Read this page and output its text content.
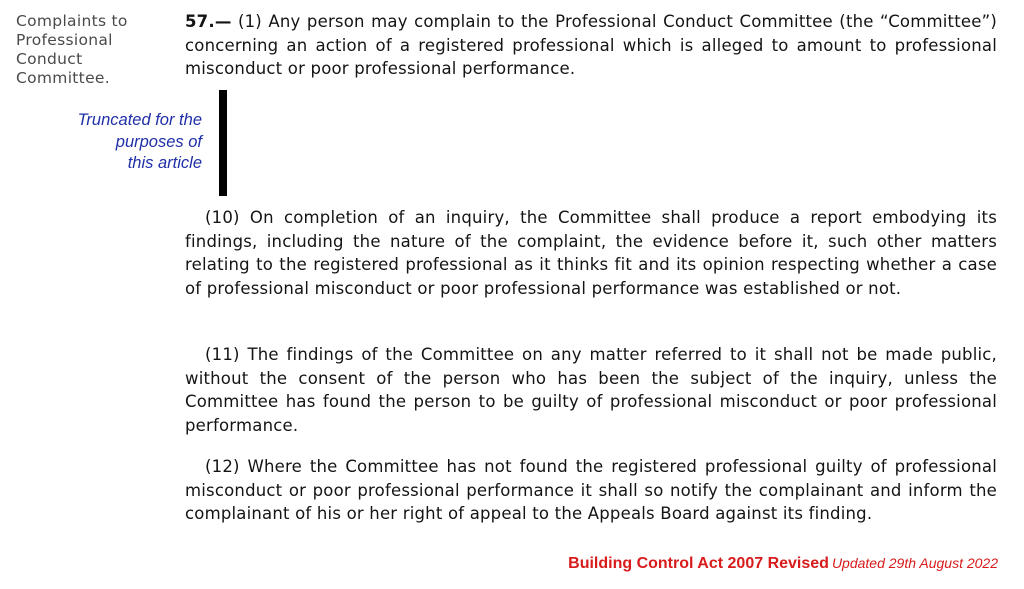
Complaints to
Professional
Conduct
Committee.
57.— (1) Any person may complain to the Professional Conduct Committee (the “Committee”) concerning an action of a registered professional which is alleged to amount to professional misconduct or poor professional performance.
Truncated for the
purposes of
this article
(10) On completion of an inquiry, the Committee shall produce a report embodying its findings, including the nature of the complaint, the evidence before it, such other matters relating to the registered professional as it thinks fit and its opinion respecting whether a case of professional misconduct or poor professional performance was established or not.
(11) The findings of the Committee on any matter referred to it shall not be made public, without the consent of the person who has been the subject of the inquiry, unless the Committee has found the person to be guilty of professional misconduct or poor professional performance.
(12) Where the Committee has not found the registered professional guilty of professional misconduct or poor professional performance it shall so notify the complainant and inform the complainant of his or her right of appeal to the Appeals Board against its finding.
Building Control Act 2007 Revised Updated 29th August 2022
